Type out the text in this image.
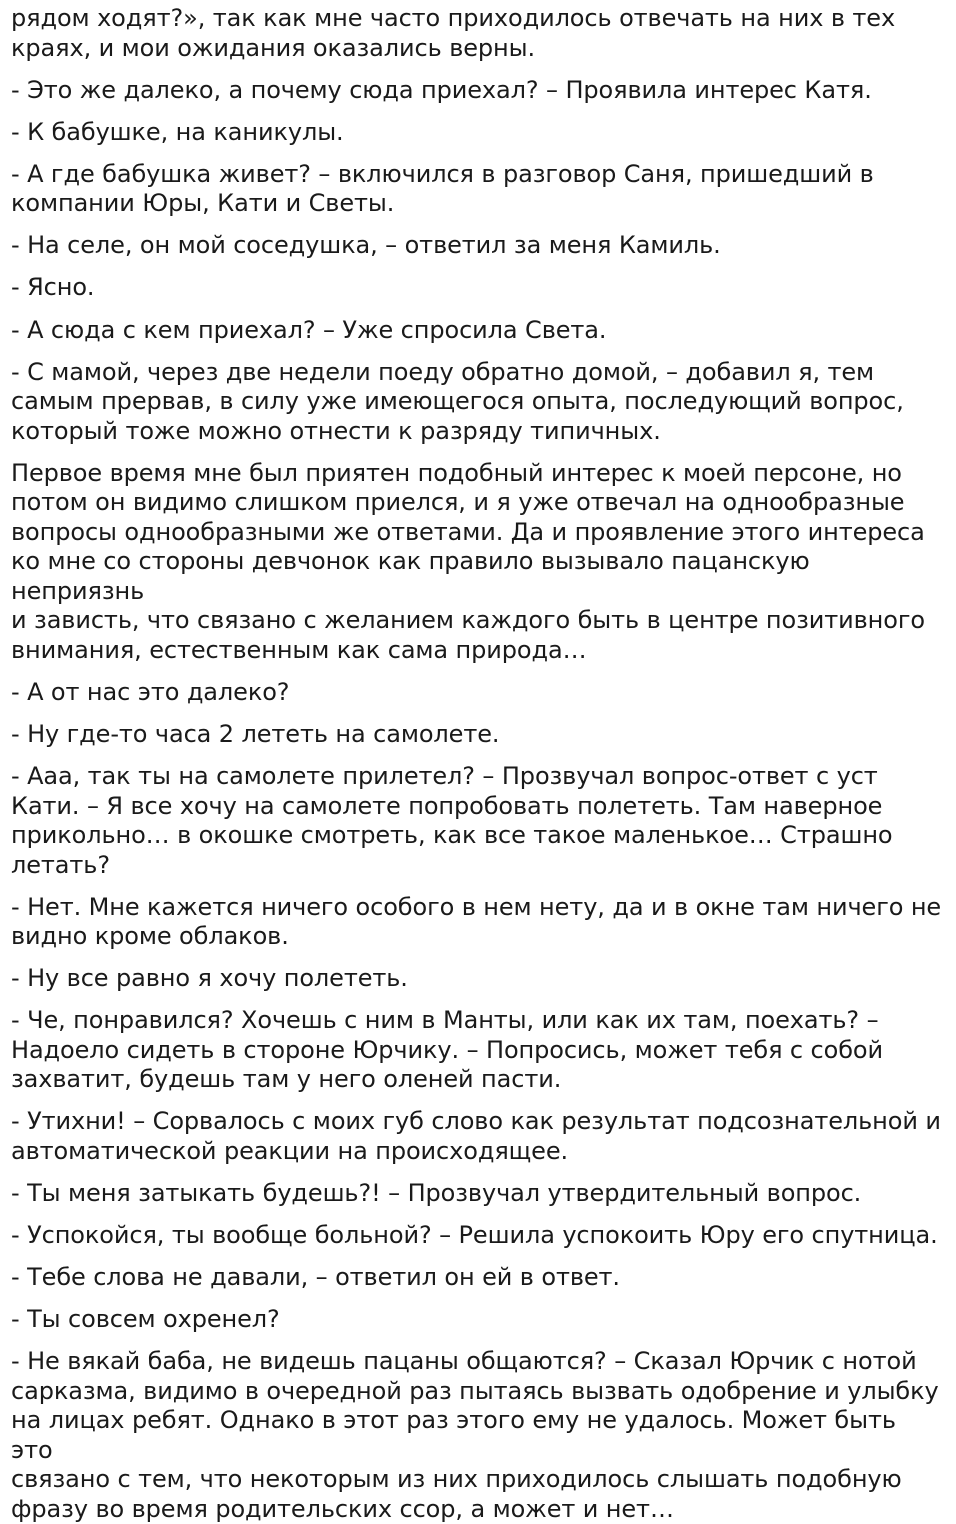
рядом ходят?», так как мне часто приходилось отвечать на них в тех
краях, и мои ожидания оказались верны.

- Это же далеко, а почему сюда приехал? – Проявила интерес Катя.

- К бабушке, на каникулы.

- А где бабушка живет? – включился в разговор Саня, пришедший в
компании Юры, Кати и Светы.

- На селе, он мой соседушка, – ответил за меня Камиль.

- Ясно.

- А сюда с кем приехал? – Уже спросила Света.

- С мамой, через две недели поеду обратно домой, – добавил я, тем
самым прервав, в силу уже имеющегося опыта, последующий вопрос,
который тоже можно отнести к разряду типичных.

Первое время мне был приятен подобный интерес к моей персоне, но
потом он видимо слишком приелся, и я уже отвечал на однообразные
вопросы однообразными же ответами. Да и проявление этого интереса
ко мне со стороны девчонок как правило вызывало пацанскую неприязнь
и зависть, что связано с желанием каждого быть в центре позитивного
внимания, естественным как сама природа…

- А от нас это далеко?

- Ну где-то часа 2 лететь на самолете.

- Ааа, так ты на самолете прилетел? – Прозвучал вопрос-ответ с уст
Кати. – Я все хочу на самолете попробовать полететь. Там наверное
прикольно… в окошке смотреть, как все такое маленькое… Страшно
летать?

- Нет. Мне кажется ничего особого в нем нету, да и в окне там ничего не
видно кроме облаков.

- Ну все равно я хочу полететь.

- Че, понравился? Хочешь с ним в Манты, или как их там, поехать? –
Надоело сидеть в стороне Юрчику. – Попросись, может тебя с собой
захватит, будешь там у него оленей пасти.

- Утихни! – Сорвалось с моих губ слово как результат подсознательной и
автоматической реакции на происходящее.

- Ты меня затыкать будешь?! – Прозвучал утвердительный вопрос.

- Успокойся, ты вообще больной? – Решила успокоить Юру его спутница.

- Тебе слова не давали, – ответил он ей в ответ.

- Ты совсем охренел?

- Не вякай баба, не видешь пацаны общаются? – Сказал Юрчик с нотой
сарказма, видимо в очередной раз пытаясь вызвать одобрение и улыбку
на лицах ребят. Однако в этот раз этого ему не удалось. Может быть это
связано с тем, что некоторым из них приходилось слышать подобную
фразу во время родительских ссор, а может и нет…
